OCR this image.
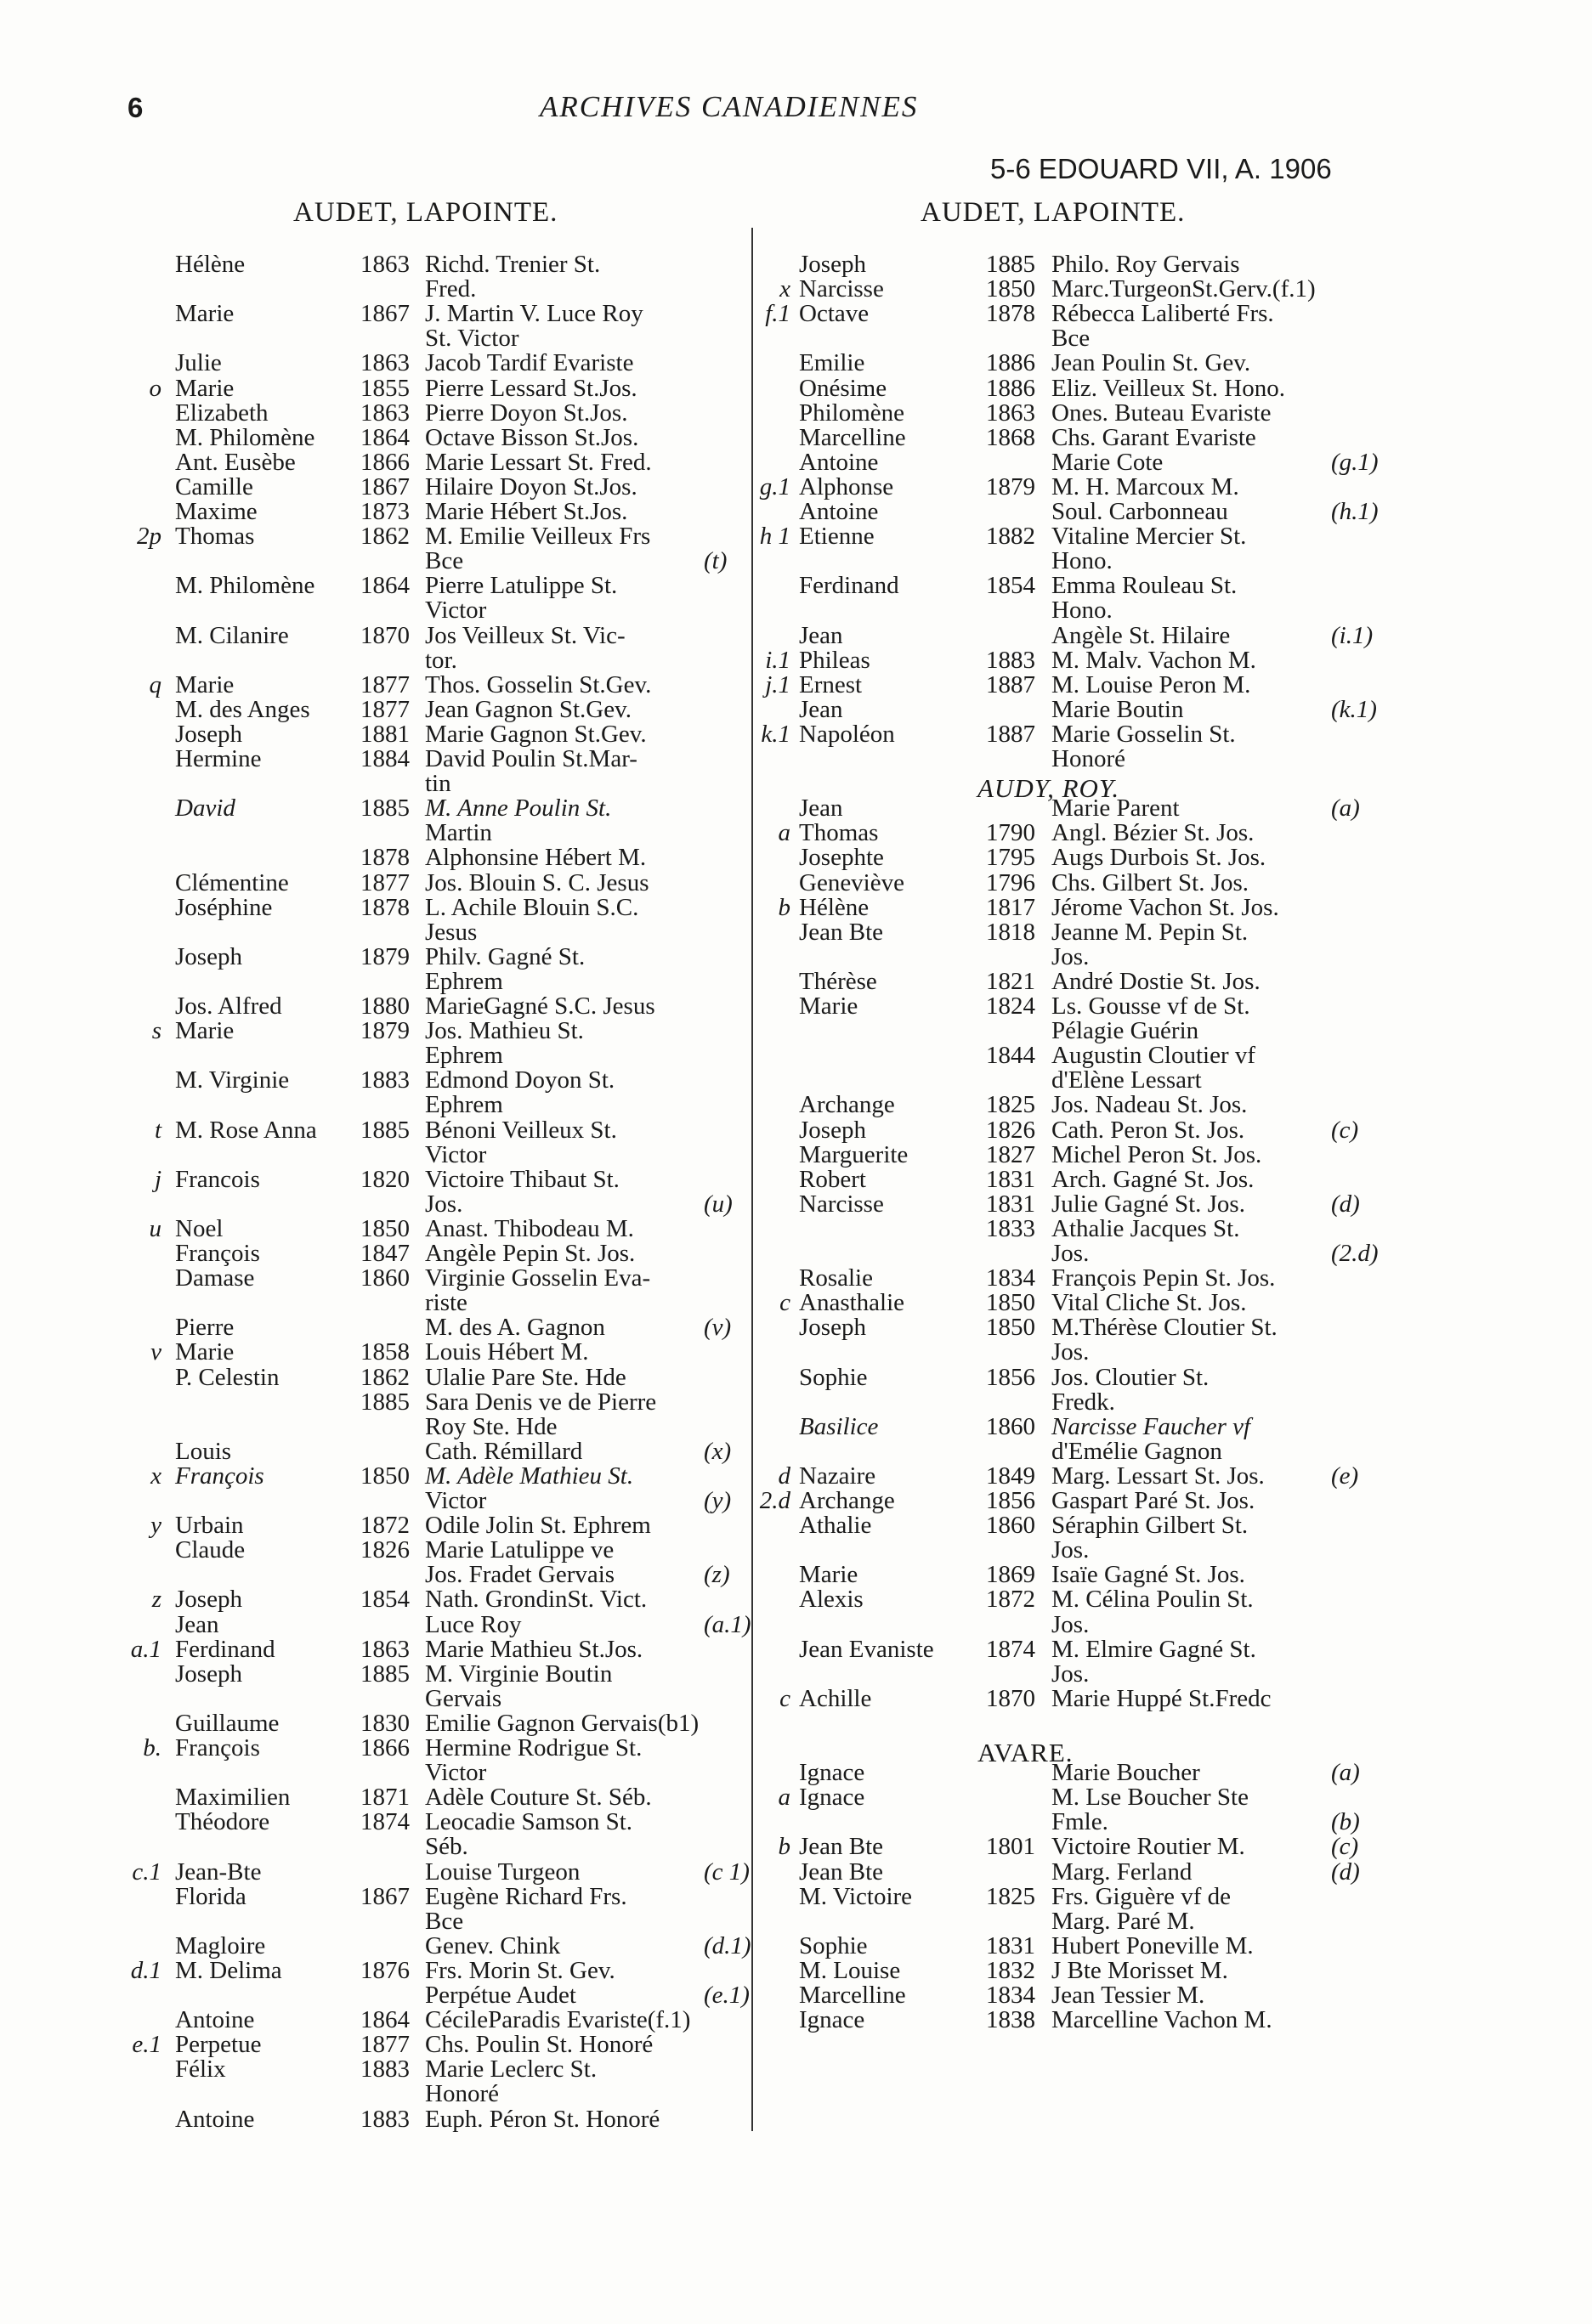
6	ARCHIVES CANADIENNES
5-6 EDOUARD VII, A. 1906
AUDET, LAPOINTE.	AUDET, LAPOINTE.
Hélène	1863 Richd. Trenier St.
Fred.
Marie	1867 J. Martin V. Luce Roy
St. Victor
Julie	1863 Jacob Tardif Evariste
o Marie	1855 Pierre Lessard St.Jos.
Elizabeth	1863 Pierre Doyon St.Jos.
M. Philomène 1864 Octave Bisson St.Jos.
Ant. Eusèbe	1866 Marie Lessart St. Fred.
Camille	1867 Hilaire Doyon St.Jos.
Maxime	1873 Marie Hébert St.Jos.
2p Thomas	1862 M. Emilie Veilleux Frs
Bce	(t)
M. Philomène 1864 Pierre Latulippe St.
Victor
M. Cilanire	1870 Jos Veilleux St. Vic-
tor.
q Marie	1877 Thos. Gosselin St.Gev.
M. des Anges 1877 Jean Gagnon St.Gev.
Joseph	1881 Marie Gagnon St.Gev.
Hermine	1884 David Poulin St.Mar-
tin
David	1885 M. Anne Poulin St.
Martin
1878 Alphonsine Hébert M.
Clémentine	1877 Jos. Blouin S. C. Jesus
Joséphine	1878 L. Achile Blouin S.C.
Jesus
Joseph	1879 Philv. Gagné St.
Ephrem
Jos. Alfred	1880 MarieGagné S.C. Jesus
s Marie	1879 Jos. Mathieu St.
Ephrem
M. Virginie	1883 Edmond Doyon St.
Ephrem
t M. Rose Anna 1885 Bénoni Veilleux St.
Victor
j Francois	1820 Victoire Thibaut St.
Jos.	(u)
u Noel	1850 Anast. Thibodeau M.
François	1847 Angèle Pepin St. Jos.
Damase	1860 Virginie Gosselin Eva-
riste
Pierre	M. des A. Gagnon	(v)
v Marie	1858 Louis Hébert M.
P. Celestin	1862 Ulalie Pare Ste. Hde
1885 Sara Denis ve de Pierre
Roy Ste. Hde
Louis	Cath. Rémillard	(x)
x François	1850 M. Adèle Mathieu St.
Victor	(y)
y Urbain	1872 Odile Jolin St. Ephrem
Claude	1826 Marie Latulippe ve
Jos. Fradet Gervais	(z)
z Joseph	1854 Nath. GrondinSt. Vict.
Jean	Luce Roy	(a.1)
a.1 Ferdinand	1863 Marie Mathieu St.Jos.
Joseph	1885 M. Virginie Boutin
Gervais
Guillaume	1830 Emilie Gagnon Gervais(b1)
b. François	1866 Hermine Rodrigue St.
Victor
Maximilien	1871 Adèle Couture St. Séb.
Théodore	1874 Leocadie Samson St.
Séb.
c.1 Jean-Bte	Louise Turgeon	(c 1)
Florida	1867 Eugène Richard Frs.
Bce
Magloire	Genev. Chink	(d.1)
d.1 M. Delima	1876 Frs. Morin St. Gev.
Perpétue Audet	(e.1)
Antoine	1864 CécileParadis Evariste(f.1)
e.1 Perpetue	1877 Chs. Poulin St. Honoré
Félix	1883 Marie Leclerc St.
Honoré
Antoine	1883 Euph. Péron St. Honoré
Joseph	1885 Philo. Roy Gervais
x Narcisse	1850 Marc.TurgeonSt.Gerv.(f.1)
f.1 Octave	1878 Rébecca Laliberté Frs.
Bce
Emilie	1886 Jean Poulin St. Gev.
Onésime	1886 Eliz. Veilleux St. Hono.
Philomène	1863 Ones. Buteau Evariste
Marcelline	1868 Chs. Garant Evariste
Antoine	Marie Cote	(g.1)
g.1 Alphonse	1879 M. H. Marcoux M.
Antoine	Soul. Carbonneau	(h.1)
h 1 Etienne	1882 Vitaline Mercier St.
Hono.
Ferdinand	1854 Emma Rouleau St.
Hono.
Jean	Angèle St. Hilaire	(i.1)
i.1 Phileas	1883 M. Malv. Vachon M.
j.1 Ernest	1887 M. Louise Peron M.
Jean	Marie Boutin	(k.1)
k.1 Napoléon	1887 Marie Gosselin St.
Honoré
AUDY, ROY.
Jean	Marie Parent	(a)
a Thomas	1790 Angl. Bézier St. Jos.
Josephte	1795 Augs Durbois St. Jos.
Geneviève	1796 Chs. Gilbert St. Jos.
b Hélène	1817 Jérome Vachon St. Jos.
Jean Bte	1818 Jeanne M. Pepin St.
Jos.
Thérèse	1821 André Dostie St. Jos.
Marie	1824 Ls. Gousse vf de St.
Pélagie Guérin
1844 Augustin Cloutier vf
d'Elène Lessart
Archange	1825 Jos. Nadeau St. Jos.
Joseph	1826 Cath. Peron St. Jos.	(c)
Marguerite	1827 Michel Peron St. Jos.
Robert	1831 Arch. Gagné St. Jos.
Narcisse	1831 Julie Gagné St. Jos.	(d)
1833 Athalie Jacques St.
Jos.	(2.d)
Rosalie	1834 François Pepin St. Jos.
c Anasthalie	1850 Vital Cliche St. Jos.
Joseph	1850 M.Thérèse Cloutier St.
Jos.
Sophie	1856 Jos. Cloutier St.
Fredk.
Basilice	1860 Narcisse Faucher vf
d'Emélie Gagnon
d Nazaire	1849 Marg. Lessart St. Jos.	(e)
2.d Archange	1856 Gaspart Paré St. Jos.
Athalie	1860 Séraphin Gilbert St.
Jos.
Marie	1869 Isaïe Gagné St. Jos.
Alexis	1872 M. Célina Poulin St.
Jos.
Jean Evaniste 1874 M. Elmire Gagné St.
Jos.
c Achille	1870 Marie Huppé St.Fredc
AVARE.
Ignace	Marie Boucher	(a)
a Ignace	M. Lse Boucher Ste
Fmle.	(b)
b Jean Bte	1801 Victoire Routier M.	(c)
Jean Bte	Marg. Ferland	(d)
M. Victoire	1825 Frs. Giguère vf de
Marg. Paré M.
Sophie	1831 Hubert Poneville M.
M. Louise	1832 J Bte Morisset M.
Marcelline	1834 Jean Tessier M.
Ignace	1838 Marcelline Vachon M.
